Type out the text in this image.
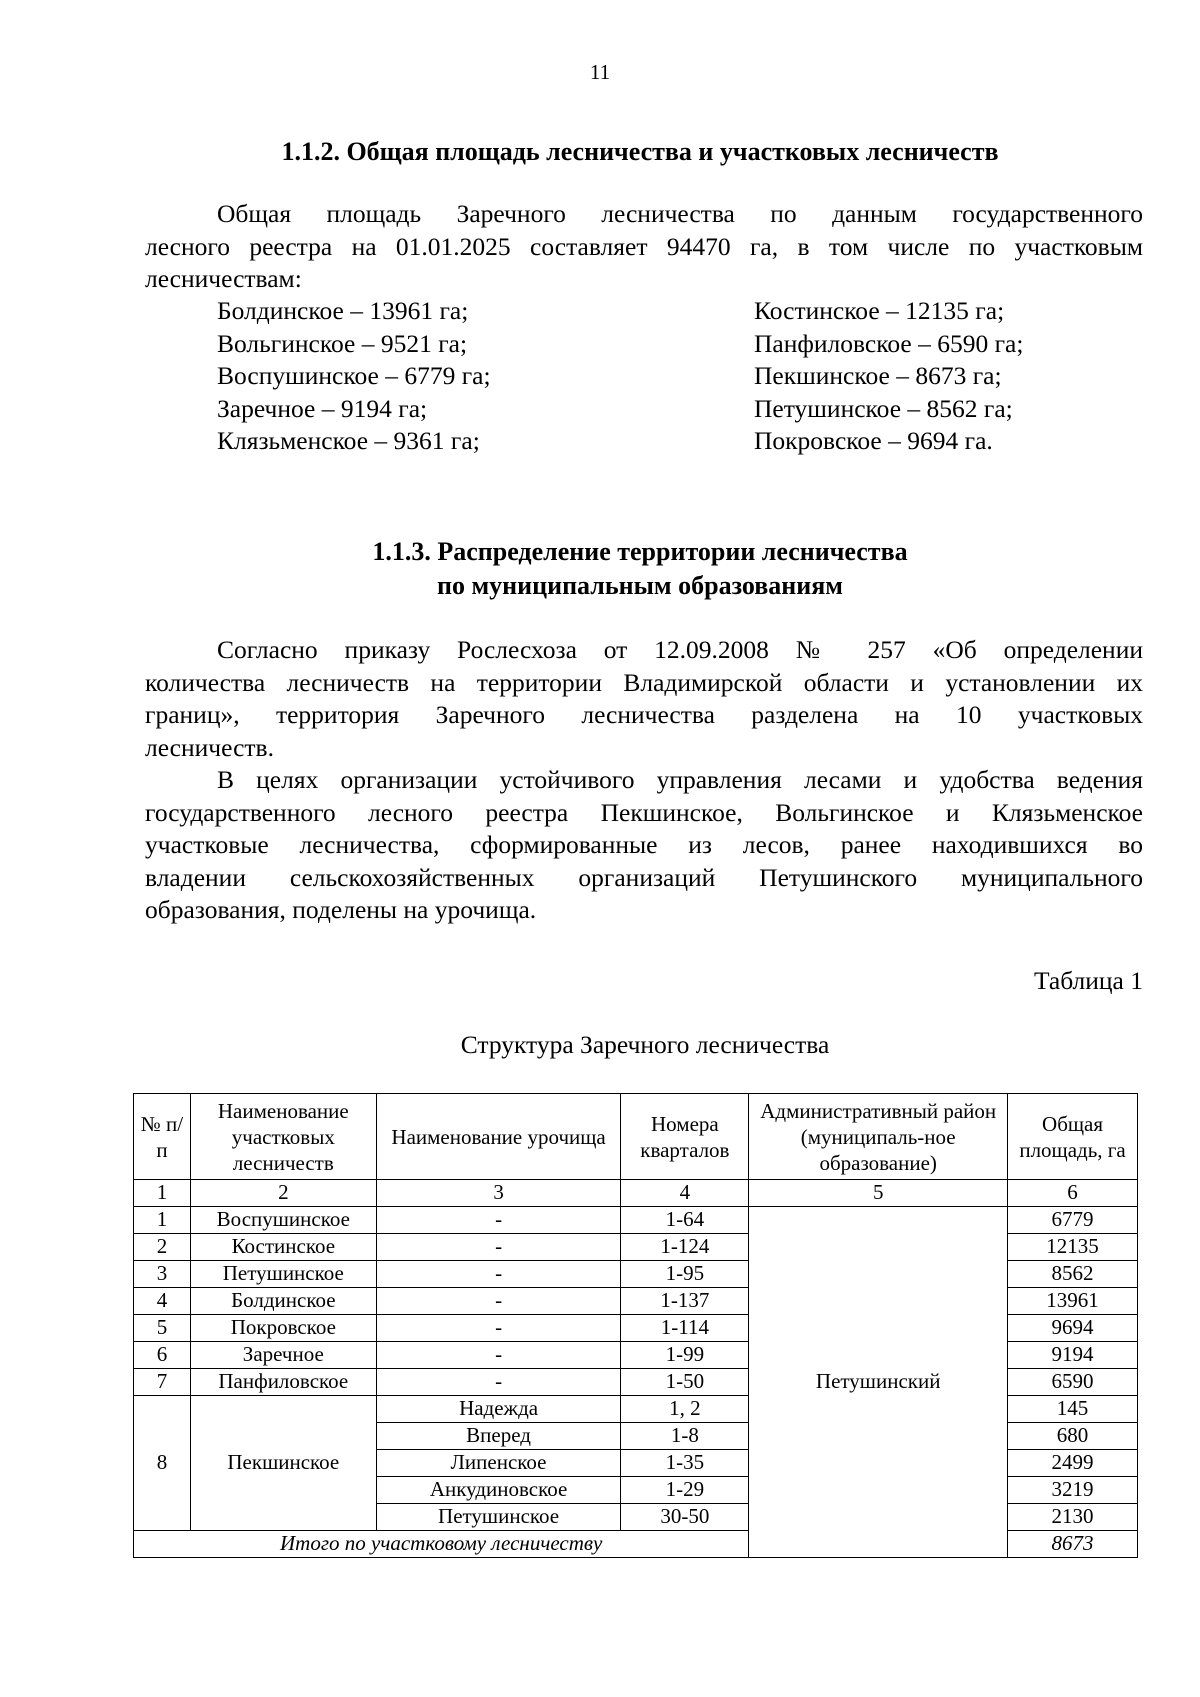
11
1.1.2. Общая площадь лесничества и участковых лесничеств
Общая площадь Заречного лесничества по данным государственного
лесного реестра на 01.01.2025 составляет 94470 га, в том числе по участковым
лесничествам:
Болдинское – 13961 га;	Костинское – 12135 га;
Вольгинское – 9521 га;	Панфиловское – 6590 га;
Воспушинское – 6779 га;	Пекшинское – 8673 га;
Заречное – 9194 га;	Петушинское – 8562 га;
Клязьменское – 9361 га;	Покровское – 9694 га.
1.1.3. Распределение территории лесничества
по муниципальным образованиям
Согласно приказу Рослесхоза от 12.09.2008 № 257 «Об определении
количества лесничеств на территории Владимирской области и установлении их
границ», территория Заречного лесничества разделена на 10 участковых
лесничеств.
В целях организации устойчивого управления лесами и удобства ведения
государственного лесного реестра Пекшинское, Вольгинское и Клязьменское
участковые лесничества, сформированные из лесов, ранее находившихся во
владении сельскохозяйственных организаций Петушинского муниципального
образования, поделены на урочища.
Таблица 1
Структура Заречного лесничества
№ п/п	Наименование участковых лесничеств	Наименование урочища	Номера кварталов	Административный район (муниципаль-ное образование)	Общая площадь, га
1	2	3	4	5	6
1	Воспушинское	-	1-64	Петушинский	6779
2	Костинское	-	1-124		12135
3	Петушинское	-	1-95		8562
4	Болдинское	-	1-137		13961
5	Покровское	-	1-114		9694
6	Заречное	-	1-99		9194
7	Панфиловское	-	1-50		6590
8	Пекшинское	Надежда	1, 2		145
		Вперед	1-8		680
		Липенское	1-35		2499
		Анкудиновское	1-29		3219
		Петушинское	30-50		2130
Итого по участковому лесничеству					8673
